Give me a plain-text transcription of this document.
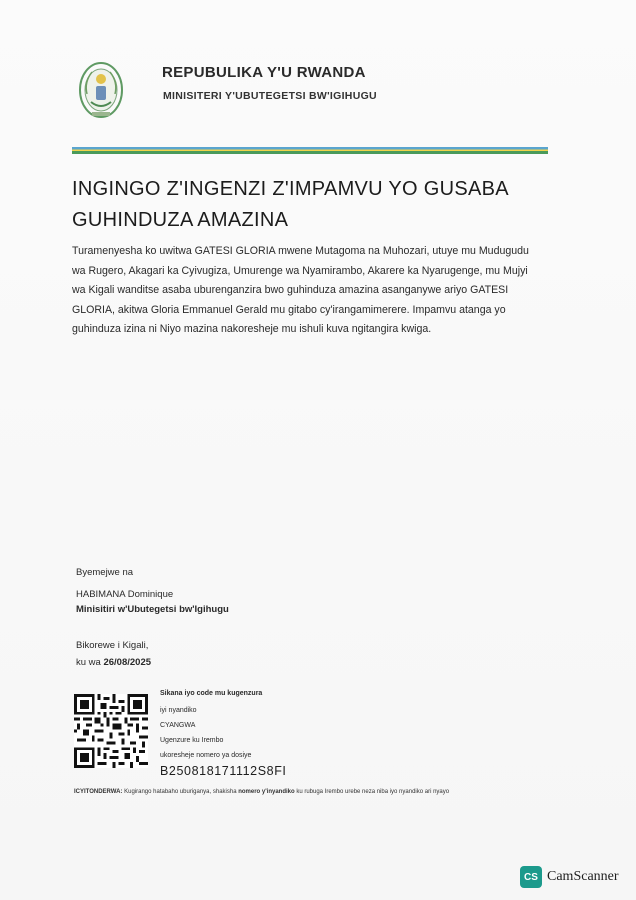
REPUBULIKA Y'U RWANDA
MINISITERI Y'UBUTEGETSI BW'IGIHUGU
INGINGO Z'INGENZI Z'IMPAMVU YO GUSABA
GUHINDUZA AMAZINA
Turamenyesha ko uwitwa GATESI GLORIA mwene Mutagoma na Muhozari, utuye mu Mudugudu
wa Rugero, Akagari ka Cyivugiza, Umurenge wa Nyamirambo, Akarere ka Nyarugenge, mu Mujyi
wa Kigali wanditse asaba uburenganzira bwo guhinduza amazina asanganywe ariyo GATESI
GLORIA, akitwa Gloria Emmanuel Gerald mu gitabo cy'irangamimerere. Impamvu atanga yo
guhinduza izina ni Niyo mazina nakoresheje mu ishuli kuva ngitangira kwiga.
Byemejwe na
HABIMANA Dominique
Minisitiri w'Ubutegetsi bw'Igihugu
Bikorewe i Kigali,
ku wa 26/08/2025
Sikana iyo code mu kugenzura
iyi nyandiko
CYANGWA
Ugenzure ku Irembo
ukoresheje nomero ya dosiye
B250818171112S8FI
ICYITONDERWA: Kugirango hatabaho uburiganya, shakisha nomero y'inyandiko ku rubuga Irembo urebe neza niba iyo nyandiko ari nyayo
CS CamScanner
